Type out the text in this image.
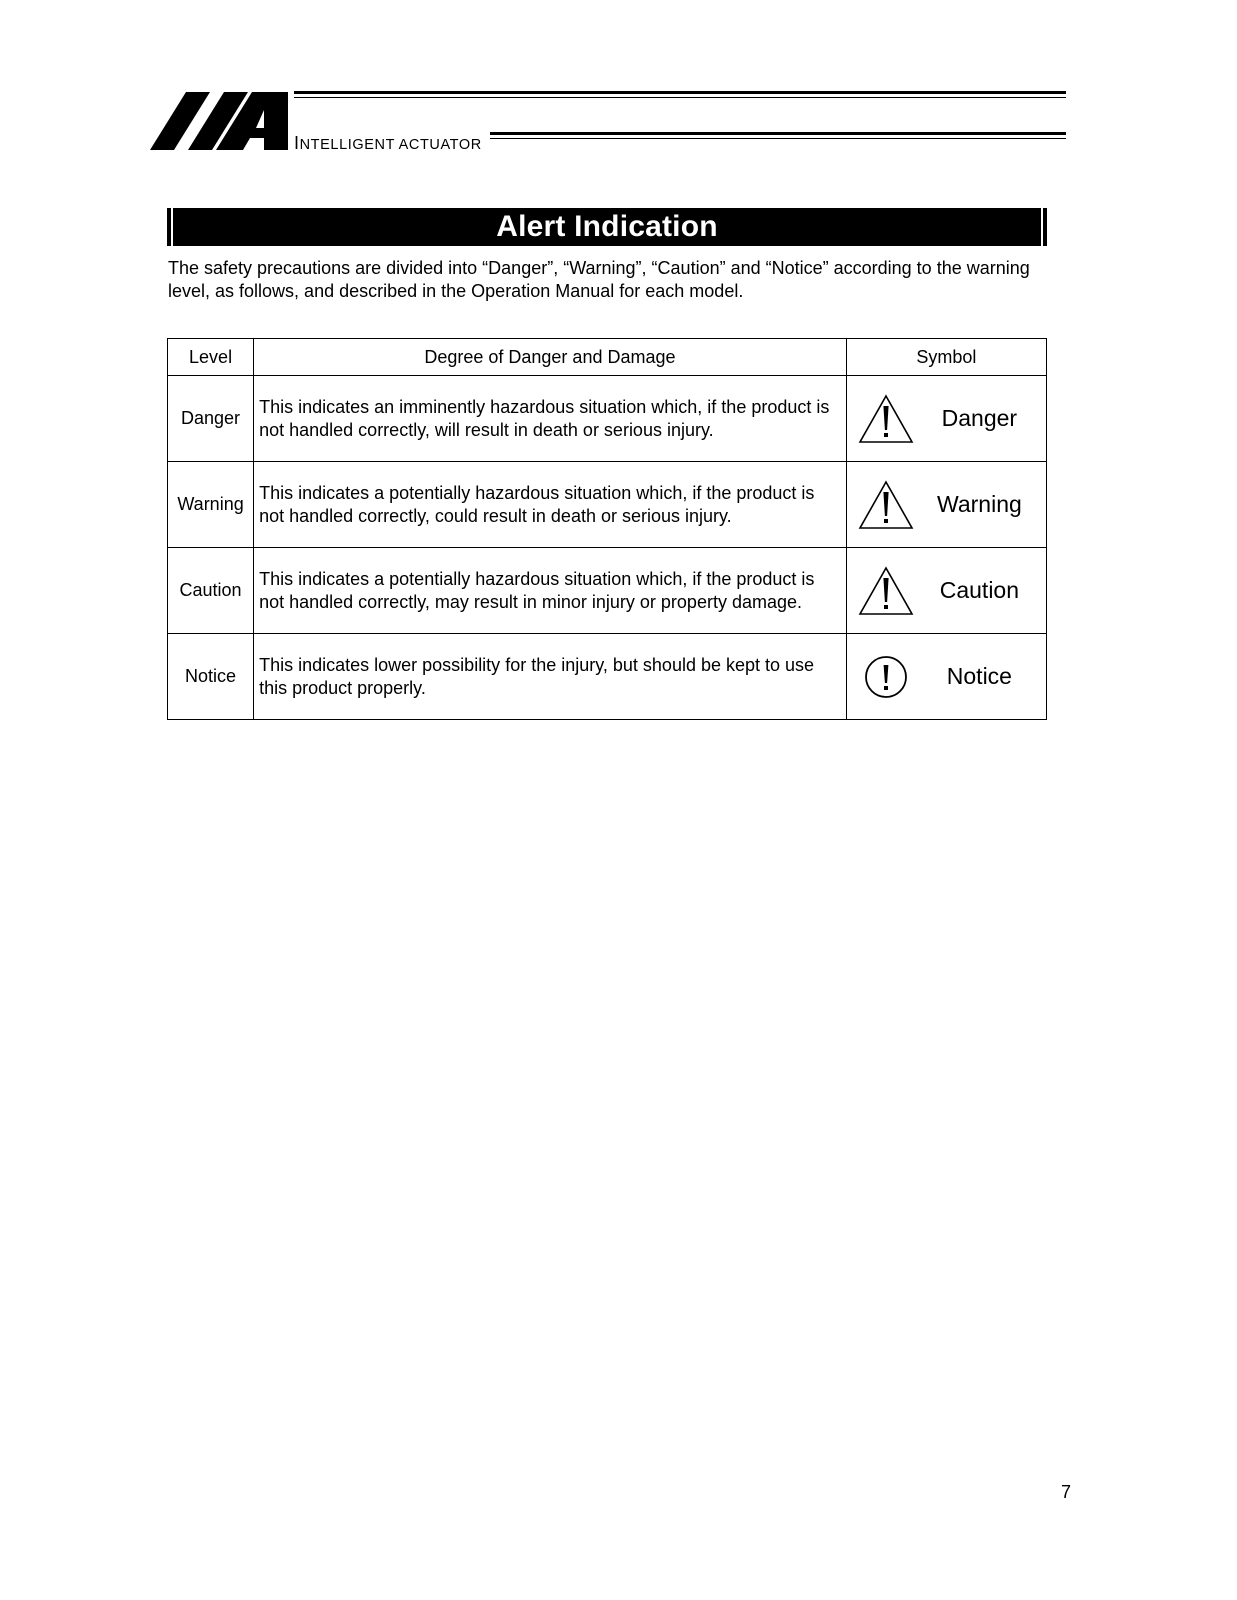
INTELLIGENT ACTUATOR
Alert Indication
The safety precautions are divided into “Danger”, “Warning”, “Caution” and “Notice” according to the warning level, as follows, and described in the Operation Manual for each model.
Level	Degree of Danger and Damage	Symbol
Danger	This indicates an imminently hazardous situation which, if the product is not handled correctly, will result in death or serious injury.	Danger

Warning	This indicates a potentially hazardous situation which, if the product is not handled correctly, could result in death or serious injury.	Warning

Caution	This indicates a potentially hazardous situation which, if the product is not handled correctly, may result in minor injury or property damage.	Caution

Notice	This indicates lower possibility for the injury, but should be kept to use this product properly.	Notice
7
